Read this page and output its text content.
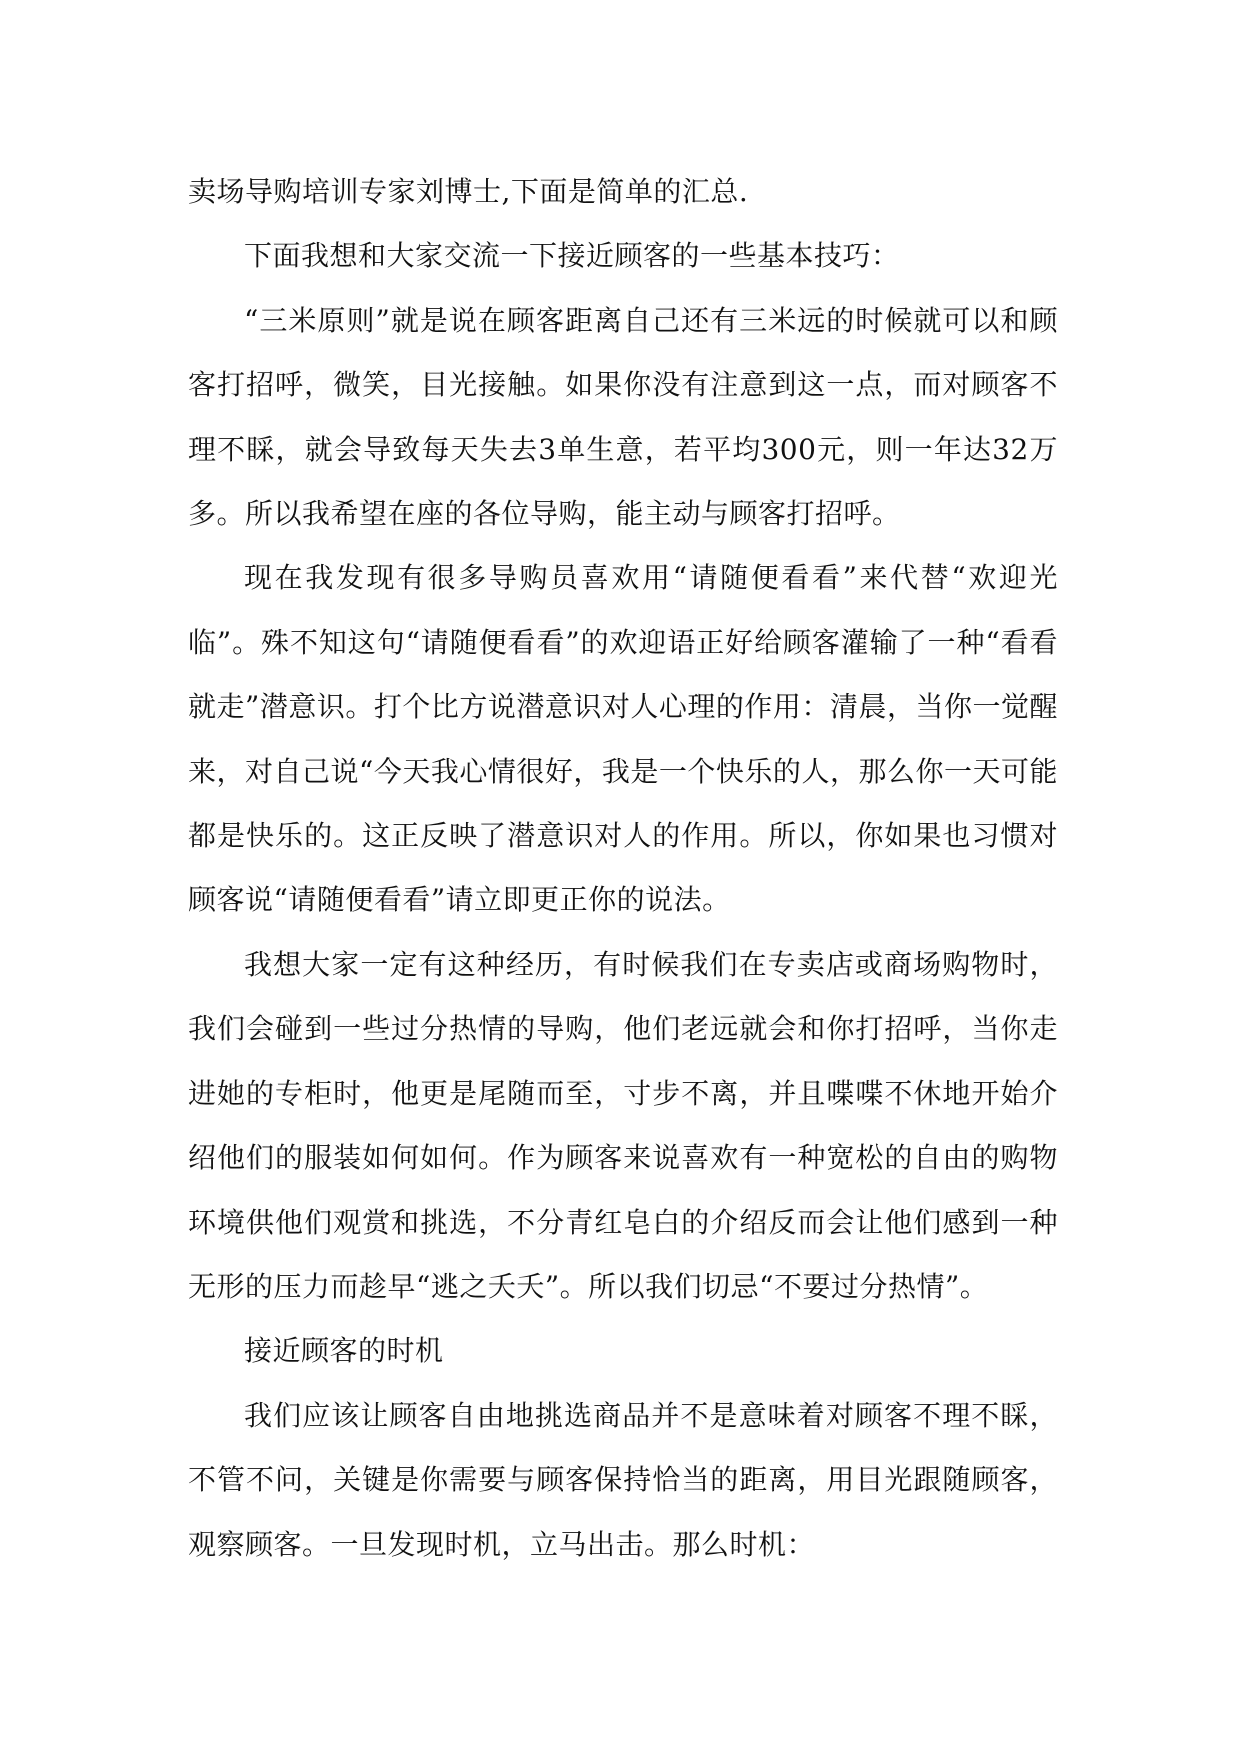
卖场导购培训专家刘博士,下面是简单的汇总.

下面我想和大家交流一下接近顾客的一些基本技巧：

“三米原则”就是说在顾客距离自己还有三米远的时候就可以和顾客打招呼，微笑，目光接触。如果你没有注意到这一点，而对顾客不理不睬，就会导致每天失去3单生意，若平均300元，则一年达32万多。所以我希望在座的各位导购，能主动与顾客打招呼。

现在我发现有很多导购员喜欢用“请随便看看”来代替“欢迎光临”。殊不知这句“请随便看看”的欢迎语正好给顾客灌输了一种“看看就走”潜意识。打个比方说潜意识对人心理的作用：清晨，当你一觉醒来，对自己说“今天我心情很好，我是一个快乐的人，那么你一天可能都是快乐的。这正反映了潜意识对人的作用。所以，你如果也习惯对顾客说“请随便看看”请立即更正你的说法。

我想大家一定有这种经历，有时候我们在专卖店或商场购物时，我们会碰到一些过分热情的导购，他们老远就会和你打招呼，当你走进她的专柜时，他更是尾随而至，寸步不离，并且喋喋不休地开始介绍他们的服装如何如何。作为顾客来说喜欢有一种宽松的自由的购物环境供他们观赏和挑选，不分青红皂白的介绍反而会让他们感到一种无形的压力而趁早“逃之夭夭”。所以我们切忌“不要过分热情”。

接近顾客的时机

我们应该让顾客自由地挑选商品并不是意味着对顾客不理不睬，不管不问，关键是你需要与顾客保持恰当的距离，用目光跟随顾客，观察顾客。一旦发现时机，立马出击。那么时机：
